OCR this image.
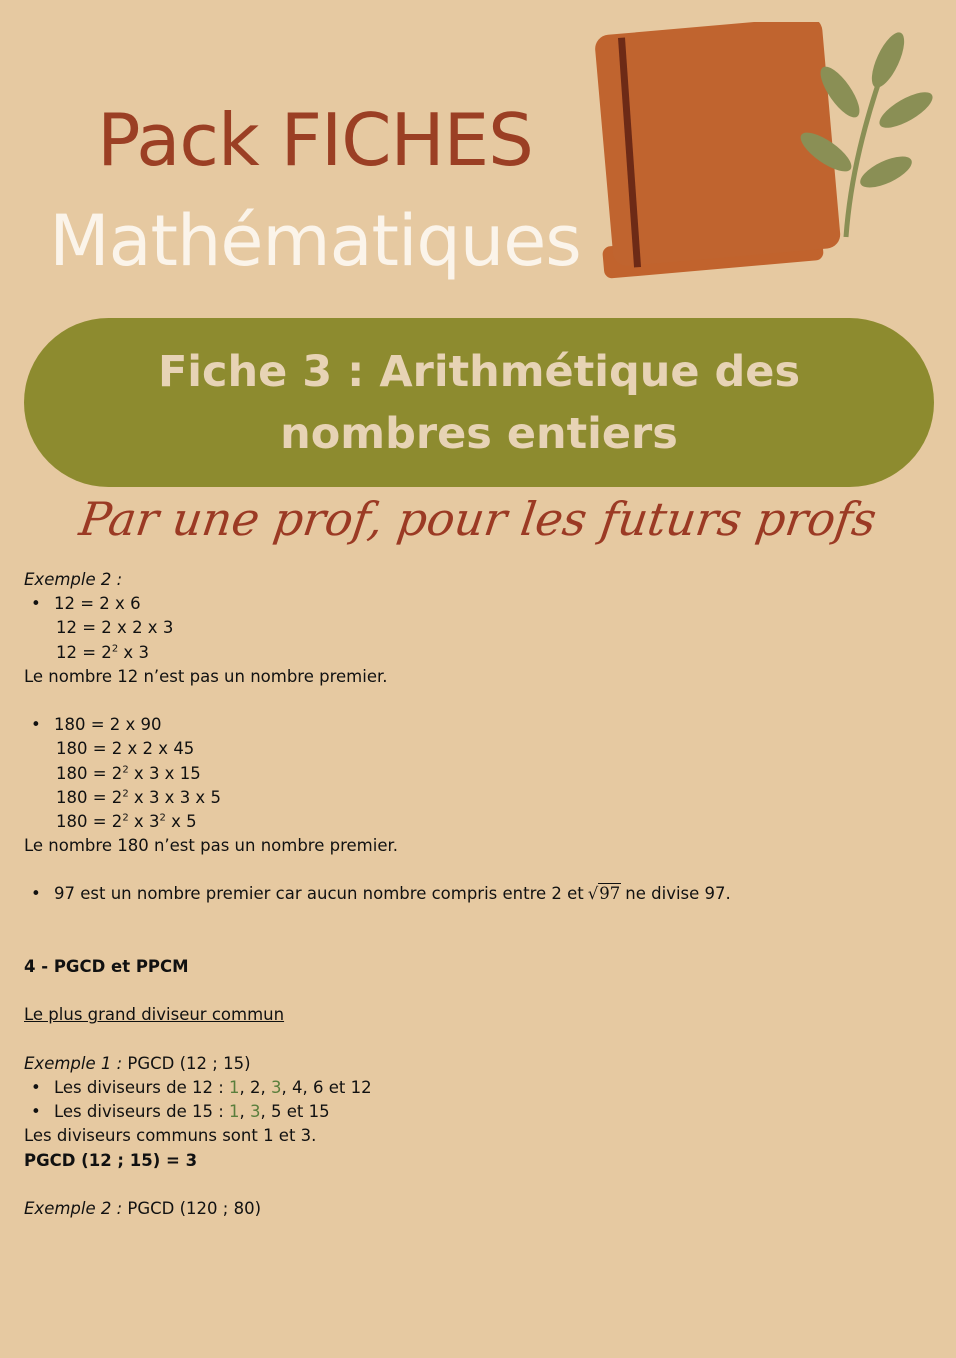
Pack FICHES
Mathématiques
Fiche 3 : Arithmétique des nombres entiers
Par une prof, pour les futurs profs
Exemple 2 :
• 12 = 2 x 6
12 = 2 x 2 x 3
$12 = 2^2$ x 3
Le nombre 12 n’est pas un nombre premier.
• 180 = 2 x 90
180 = 2 x 2 x 45
$180 = 2^2$ x 3 x 15
$180 = 2^2$ x 3 x 3 x 5
$180 = 2^2$ x $3^2$ x 5
Le nombre 180 n’est pas un nombre premier.
• 97 est un nombre premier car aucun nombre compris entre 2 et √97 ne divise 97.
4 - PGCD et PPCM
Le plus grand diviseur commun
Exemple 1 : PGCD (12 ; 15)
• Les diviseurs de 12 : 1, 2, 3, 4, 6 et 12
• Les diviseurs de 15 : 1, 3, 5 et 15
Les diviseurs communs sont 1 et 3.
PGCD (12 ; 15) = 3
Exemple 2 : PGCD (120 ; 80)
